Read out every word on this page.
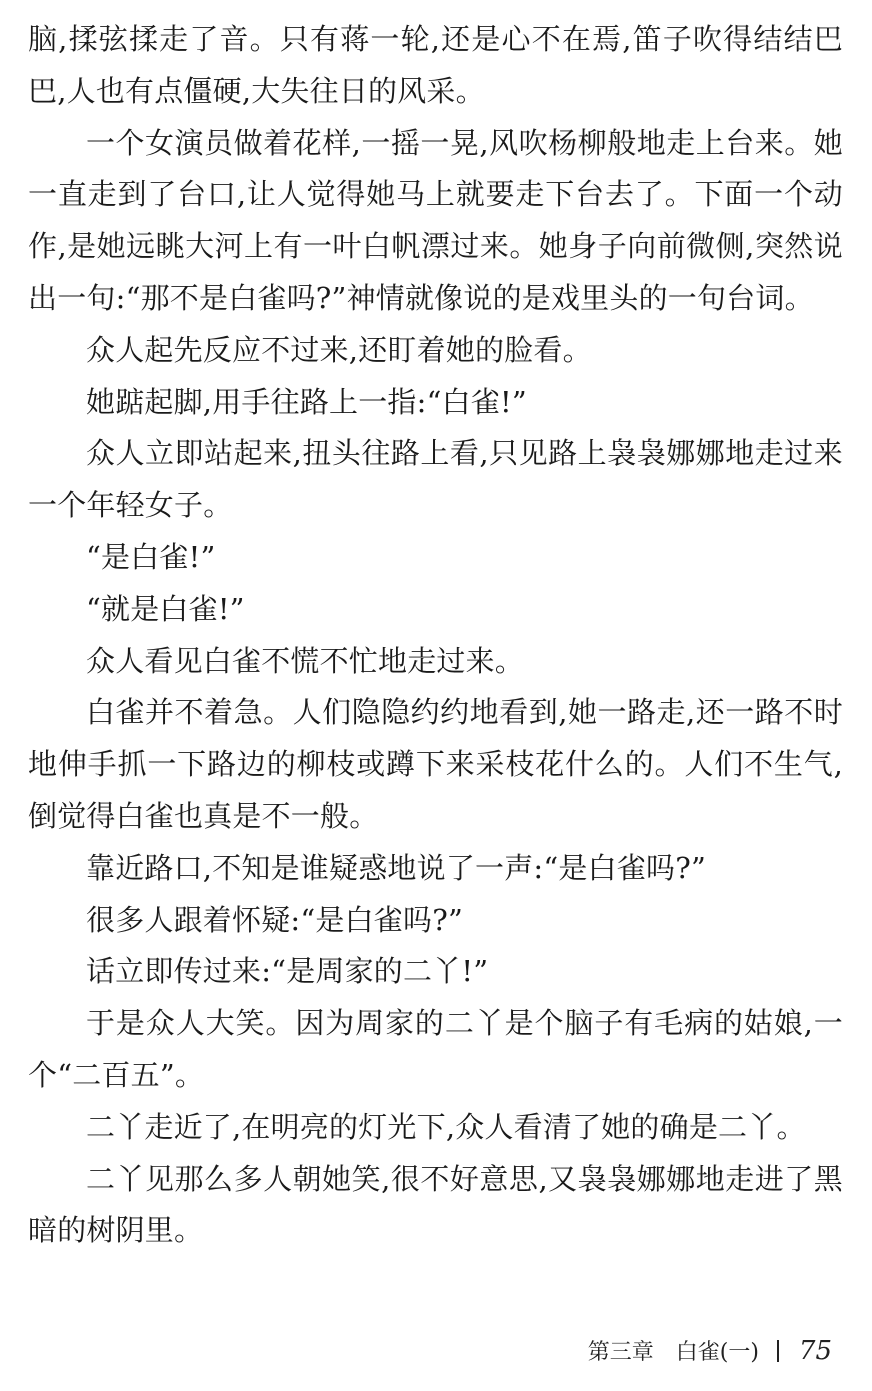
脑,揉弦揉走了音。只有蒋一轮,还是心不在焉,笛子吹得结结巴巴,人也有点僵硬,大失往日的风采。

一个女演员做着花样,一摇一晃,风吹杨柳般地走上台来。她一直走到了台口,让人觉得她马上就要走下台去了。下面一个动作,是她远眺大河上有一叶白帆漂过来。她身子向前微侧,突然说出一句:“那不是白雀吗?”神情就像说的是戏里头的一句台词。

众人起先反应不过来,还盯着她的脸看。

她踮起脚,用手往路上一指:“白雀!”

众人立即站起来,扭头往路上看,只见路上袅袅娜娜地走过来一个年轻女子。

“是白雀!”

“就是白雀!”

众人看见白雀不慌不忙地走过来。

白雀并不着急。人们隐隐约约地看到,她一路走,还一路不时地伸手抓一下路边的柳枝或蹲下来采枝花什么的。人们不生气,倒觉得白雀也真是不一般。

靠近路口,不知是谁疑惑地说了一声:“是白雀吗?”

很多人跟着怀疑:“是白雀吗?”

话立即传过来:“是周家的二丫!”

于是众人大笑。因为周家的二丫是个脑子有毛病的姑娘,一个“二百五”。

二丫走近了,在明亮的灯光下,众人看清了她的确是二丫。

二丫见那么多人朝她笑,很不好意思,又袅袅娜娜地走进了黑暗的树阴里。

第三章　白雀(一) 75
